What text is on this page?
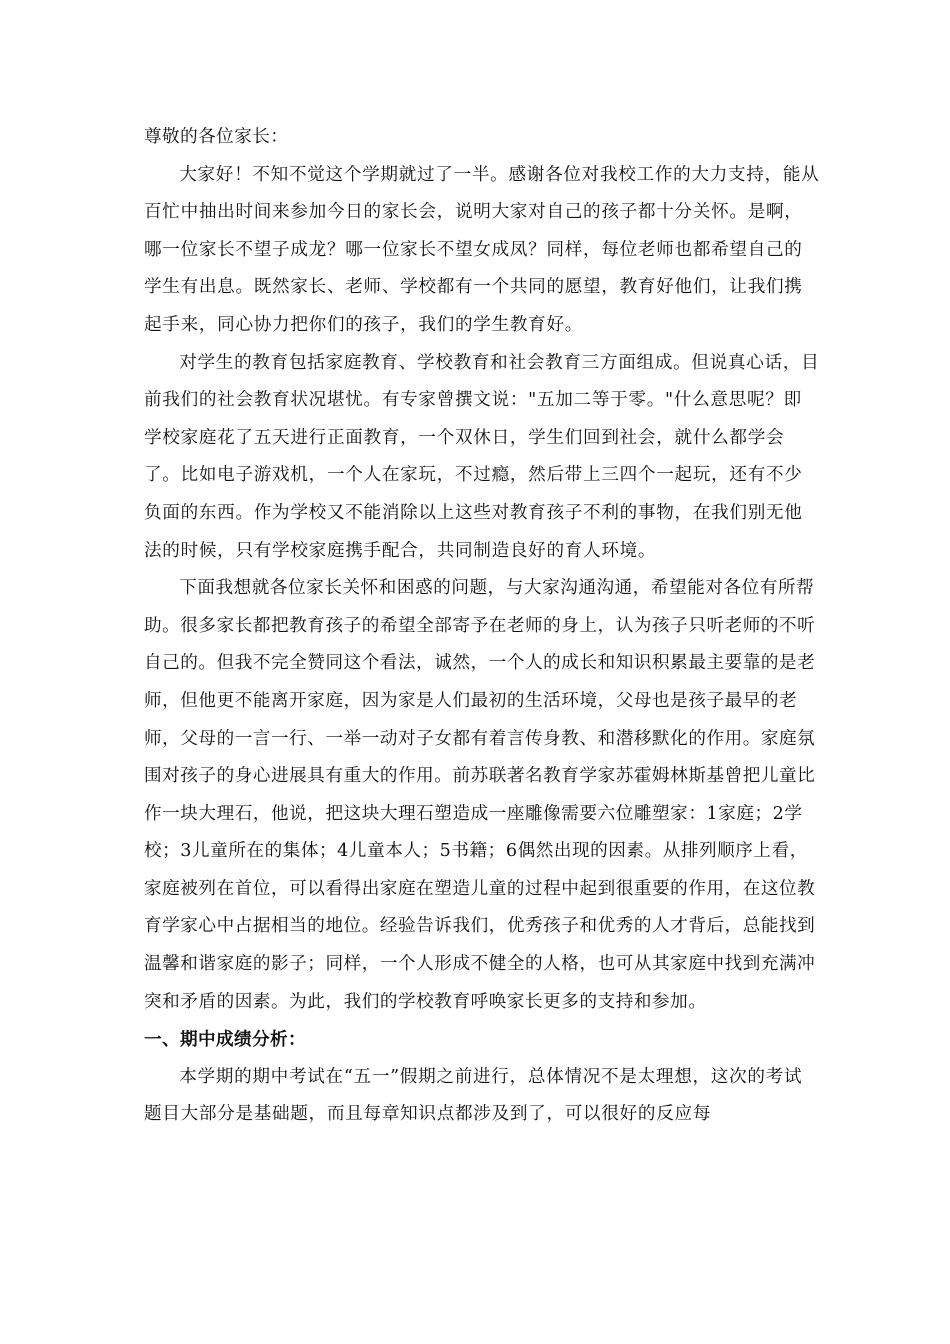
尊敬的各位家长：

大家好！不知不觉这个学期就过了一半。感谢各位对我校工作的大力支持，能从百忙中抽出时间来参加今日的家长会，说明大家对自己的孩子都十分关怀。是啊，哪一位家长不望子成龙？哪一位家长不望女成凤？同样，每位老师也都希望自己的学生有出息。既然家长、老师、学校都有一个共同的愿望，教育好他们，让我们携起手来，同心协力把你们的孩子，我们的学生教育好。

对学生的教育包括家庭教育、学校教育和社会教育三方面组成。但说真心话，目前我们的社会教育状况堪忧。有专家曾撰文说："五加二等于零。"什么意思呢？即学校家庭花了五天进行正面教育，一个双休日，学生们回到社会，就什么都学会了。比如电子游戏机，一个人在家玩，不过瘾，然后带上三四个一起玩，还有不少负面的东西。作为学校又不能消除以上这些对教育孩子不利的事物，在我们别无他法的时候，只有学校家庭携手配合，共同制造良好的育人环境。

下面我想就各位家长关怀和困惑的问题，与大家沟通沟通，希望能对各位有所帮助。很多家长都把教育孩子的希望全部寄予在老师的身上，认为孩子只听老师的不听自己的。但我不完全赞同这个看法，诚然，一个人的成长和知识积累最主要靠的是老师，但他更不能离开家庭，因为家是人们最初的生活环境，父母也是孩子最早的老师，父母的一言一行、一举一动对子女都有着言传身教、和潜移默化的作用。家庭氛围对孩子的身心进展具有重大的作用。前苏联著名教育学家苏霍姆林斯基曾把儿童比作一块大理石，他说，把这块大理石塑造成一座雕像需要六位雕塑家：1家庭；2学校；3儿童所在的集体；4儿童本人；5书籍；6偶然出现的因素。从排列顺序上看，家庭被列在首位，可以看得出家庭在塑造儿童的过程中起到很重要的作用，在这位教育学家心中占据相当的地位。经验告诉我们，优秀孩子和优秀的人才背后，总能找到温馨和谐家庭的影子；同样，一个人形成不健全的人格，也可从其家庭中找到充满冲突和矛盾的因素。为此，我们的学校教育呼唤家长更多的支持和参加。

一、期中成绩分析：

本学期的期中考试在“五一”假期之前进行，总体情况不是太理想，这次的考试题目大部分是基础题，而且每章知识点都涉及到了，可以很好的反应每
